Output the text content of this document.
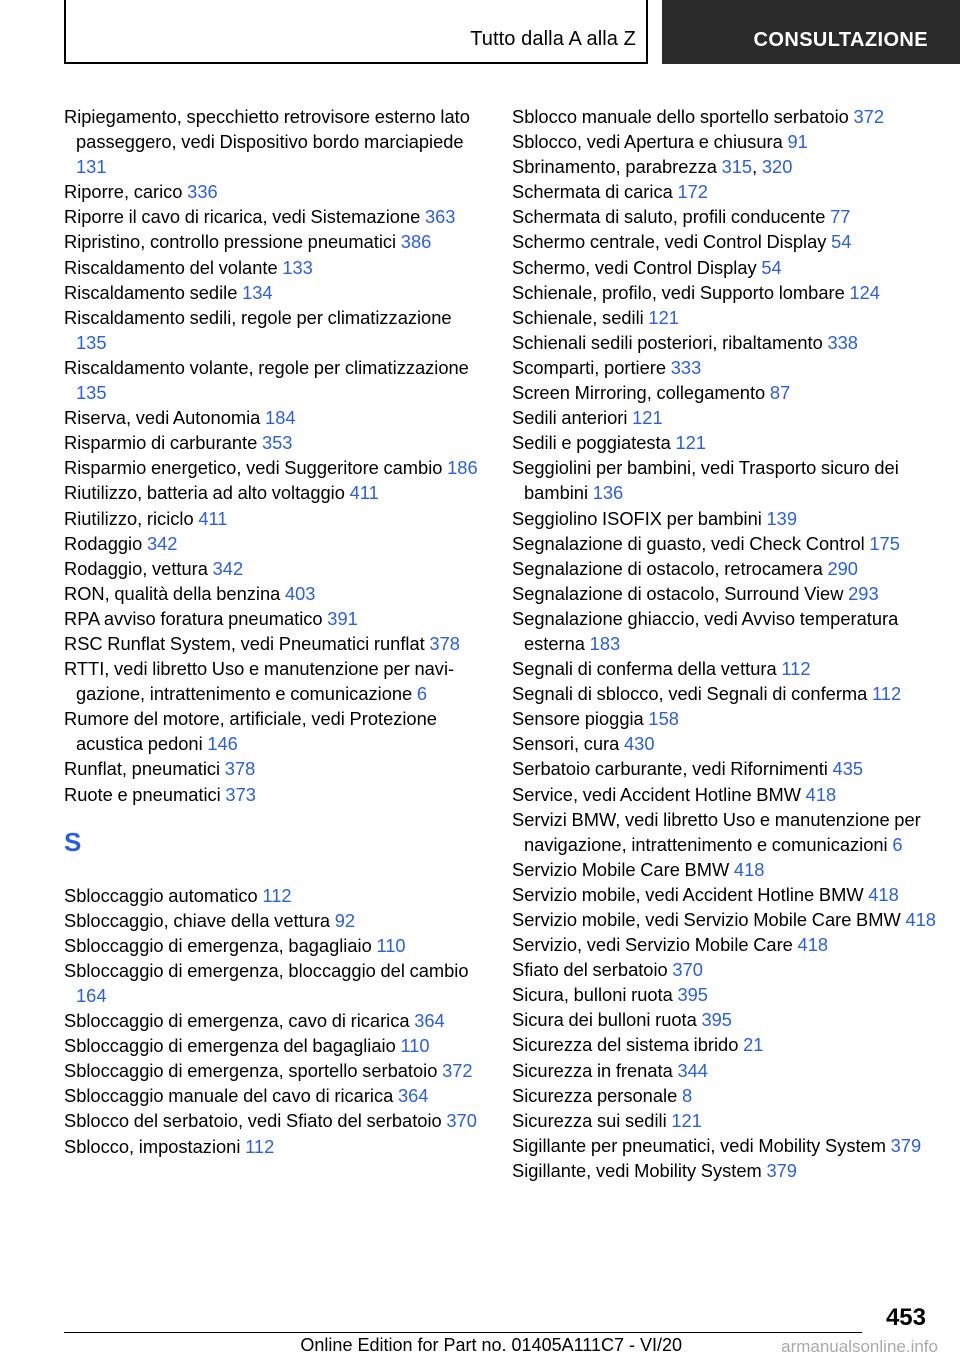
Tutto dalla A alla Z	CONSULTAZIONE
Ripiegamento, specchietto retrovisore esterno lato passeggero, vedi Dispositivo bordo marciapiede 131
Riporre, carico 336
Riporre il cavo di ricarica, vedi Sistemazione 363
Ripristino, controllo pressione pneumatici 386
Riscaldamento del volante 133
Riscaldamento sedile 134
Riscaldamento sedili, regole per climatizzazione 135
Riscaldamento volante, regole per climatizzazione 135
Riserva, vedi Autonomia 184
Risparmio di carburante 353
Risparmio energetico, vedi Suggeritore cambio 186
Riutilizzo, batteria ad alto voltaggio 411
Riutilizzo, riciclo 411
Rodaggio 342
Rodaggio, vettura 342
RON, qualità della benzina 403
RPA avviso foratura pneumatico 391
RSC Runflat System, vedi Pneumatici runflat 378
RTTI, vedi libretto Uso e manutenzione per navigazione, intrattenimento e comunicazione 6
Rumore del motore, artificiale, vedi Protezione acustica pedoni 146
Runflat, pneumatici 378
Ruote e pneumatici 373
S
Sbloccaggio automatico 112
Sbloccaggio, chiave della vettura 92
Sbloccaggio di emergenza, bagagliaio 110
Sbloccaggio di emergenza, bloccaggio del cambio 164
Sbloccaggio di emergenza, cavo di ricarica 364
Sbloccaggio di emergenza del bagagliaio 110
Sbloccaggio di emergenza, sportello serbatoio 372
Sbloccaggio manuale del cavo di ricarica 364
Sblocco del serbatoio, vedi Sfiato del serbatoio 370
Sblocco, impostazioni 112
Sblocco manuale dello sportello serbatoio 372
Sblocco, vedi Apertura e chiusura 91
Sbrinamento, parabrezza 315, 320
Schermata di carica 172
Schermata di saluto, profili conducente 77
Schermo centrale, vedi Control Display 54
Schermo, vedi Control Display 54
Schienale, profilo, vedi Supporto lombare 124
Schienale, sedili 121
Schienali sedili posteriori, ribaltamento 338
Scomparti, portiere 333
Screen Mirroring, collegamento 87
Sedili anteriori 121
Sedili e poggiatesta 121
Seggiolini per bambini, vedi Trasporto sicuro dei bambini 136
Seggiolino ISOFIX per bambini 139
Segnalazione di guasto, vedi Check Control 175
Segnalazione di ostacolo, retrocamera 290
Segnalazione di ostacolo, Surround View 293
Segnalazione ghiaccio, vedi Avviso temperatura esterna 183
Segnali di conferma della vettura 112
Segnali di sblocco, vedi Segnali di conferma 112
Sensore pioggia 158
Sensori, cura 430
Serbatoio carburante, vedi Rifornimenti 435
Service, vedi Accident Hotline BMW 418
Servizi BMW, vedi libretto Uso e manutenzione per navigazione, intrattenimento e comunicazioni 6
Servizio Mobile Care BMW 418
Servizio mobile, vedi Accident Hotline BMW 418
Servizio mobile, vedi Servizio Mobile Care BMW 418
Servizio, vedi Servizio Mobile Care 418
Sfiato del serbatoio 370
Sicura, bulloni ruota 395
Sicura dei bulloni ruota 395
Sicurezza del sistema ibrido 21
Sicurezza in frenata 344
Sicurezza personale 8
Sicurezza sui sedili 121
Sigillante per pneumatici, vedi Mobility System 379
Sigillante, vedi Mobility System 379
453
Online Edition for Part no. 01405A111C7 - VI/20	armanualsonline.info
